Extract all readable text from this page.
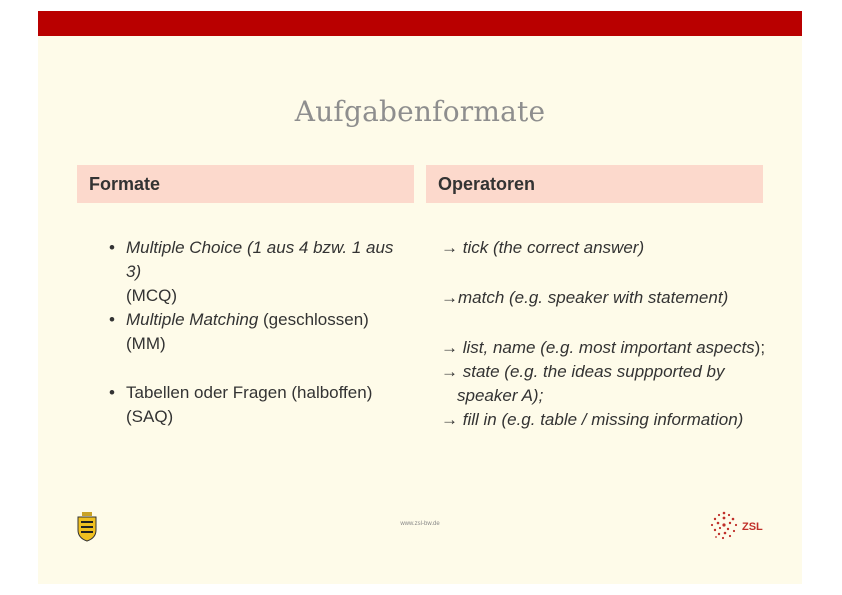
Aufgabenformate
Formate	Operatoren
• Multiple Choice (1 aus 4 bzw. 1 aus 3)
(MCQ)
• Multiple Matching (geschlossen)
(MM)
• Tabellen oder Fragen (halboffen)
(SAQ)
→ tick (the correct answer)
→match (e.g. speaker with statement)
→ list, name (e.g. most important aspects);
→ state (e.g. the ideas suppported by speaker A);
→ fill in (e.g. table / missing information)
www.zsl-bw.de	ZSL
